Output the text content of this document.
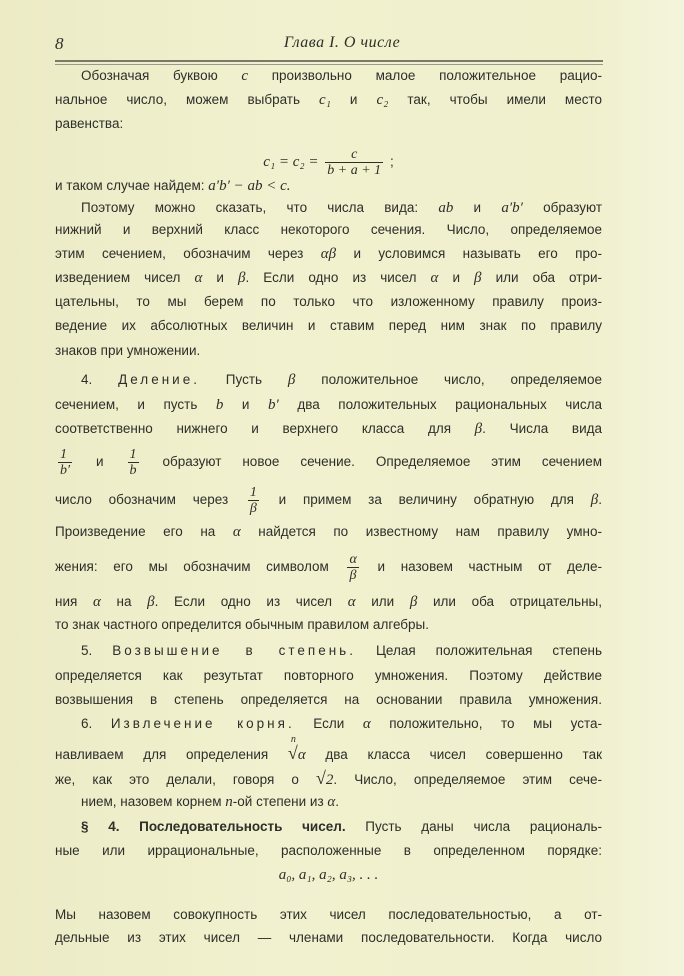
8	Глава I. О числе
Обозначая буквою c произвольно малое положительное рацио-
нальное число, можем выбрать c₁ и c₂ так, чтобы имели место
равенства:
$c_1 = c_2 = \frac{c}{b + a + 1}$ ;
и таком случае найдем: a′b′ − ab < c.
Поэтому можно сказать, что числа вида: ab и a′b′ образуют
нижний и верхний класс некоторого сечения. Число, определяемое
этим сечением, обозначим через αβ и условимся называть его про-
изведением чисел α и β. Если одно из чисел α и β или оба отри-
цательны, то мы берем по только что изложенному правилу произ-
ведение их абсолютных величин и ставим перед ним знак по правилу
знаков при умножении.
4. Деление. Пусть β положительное число, определяемое
сечением, и пусть b и b′ два положительных рациональных числа
соответственно нижнего и верхнего класса для β. Числа вида
$\frac{1}{b'}$ и $\frac{1}{b}$ образуют новое сечение. Определяемое этим сечением
число обозначим через $\frac{1}{\beta}$ и примем за величину обратную для β.
Произведение его на α найдется по известному нам правилу умно-
жения: его мы обозначим символом $\frac{\alpha}{\beta}$ и назовем частным от деле-
ния α на β. Если одно из чисел α или β или оба отрицательны,
то знак частного определится обычным правилом алгебры.
5. Возвышение в степень. Целая положительная степень
определяется как резутьтат повторного умножения. Поэтому действие
возвышения в степень определяется на основании правила умножения.
6. Извлечение корня. Если α положительно, то мы уста-
навливаем для определения
n
√α два класса чисел совершенно так
же, как это делали, говоря о √2. Число, определяемое этим сече-
нием, назовем корнем n-ой степени из α.
§ 4. Последовательность чисел. Пусть даны числа рациональ-
ные или иррациональные, расположенные в определенном порядке:
a₀, a₁, a₂, a₃, . . .
Мы назовем совокупность этих чисел последовательностью, а от-
дельные из этих чисел — членами последовательности. Когда число
